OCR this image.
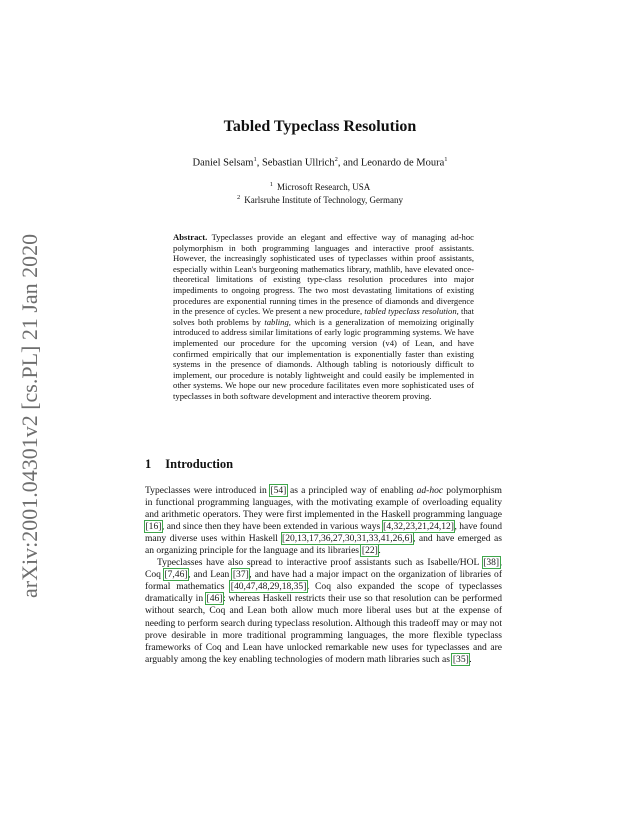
arXiv:2001.04301v2 [cs.PL] 21 Jan 2020
Tabled Typeclass Resolution
Daniel Selsam$^1$, Sebastian Ullrich$^2$, and Leonardo de Moura$^1$
$^1$ Microsoft Research, USA
$^2$ Karlsruhe Institute of Technology, Germany
Abstract. Typeclasses provide an elegant and effective way of managing ad-hoc polymorphism in both programming languages and interactive proof assistants. However, the increasingly sophisticated uses of typeclasses within proof assistants, especially within Lean's burgeoning mathematics library, mathlib, have elevated once-theoretical limitations of existing type-class resolution procedures into major impediments to ongoing progress. The two most devastating limitations of existing procedures are exponential running times in the presence of diamonds and divergence in the presence of cycles. We present a new procedure, tabled typeclass resolution, that solves both problems by tabling, which is a generalization of memoizing originally introduced to address similar limitations of early logic programming systems. We have implemented our procedure for the upcoming version (v4) of Lean, and have confirmed empirically that our implementation is exponentially faster than existing systems in the presence of diamonds. Although tabling is notoriously difficult to implement, our procedure is notably lightweight and could easily be implemented in other systems. We hope our new procedure facilitates even more sophisticated uses of typeclasses in both software development and interactive theorem proving.
1 Introduction

Typeclasses were introduced in [54] as a principled way of enabling ad-hoc polymorphism in functional programming languages, with the motivating example of overloading equality and arithmetic operators. They were first implemented in the Haskell programming language [16], and since then they have been extended in various ways [4,32,23,21,24,12], have found many diverse uses within Haskell [20,13,17,36,27,30,31,33,41,26,6], and have emerged as an organizing principle for the language and its libraries [22].

Typeclasses have also spread to interactive proof assistants such as Isabelle/HOL [38], Coq [7,46], and Lean [37], and have had a major impact on the organization of libraries of formal mathematics [40,47,48,29,18,35]. Coq also expanded the scope of typeclasses dramatically in [46]: whereas Haskell restricts their use so that resolution can be performed without search, Coq and Lean both allow much more liberal uses but at the expense of needing to perform search during typeclass resolution. Although this tradeoff may or may not prove desirable in more traditional programming languages, the more flexible typeclass frameworks of Coq and Lean have unlocked remarkable new uses for typeclasses and are arguably among the key enabling technologies of modern math libraries such as [35].
